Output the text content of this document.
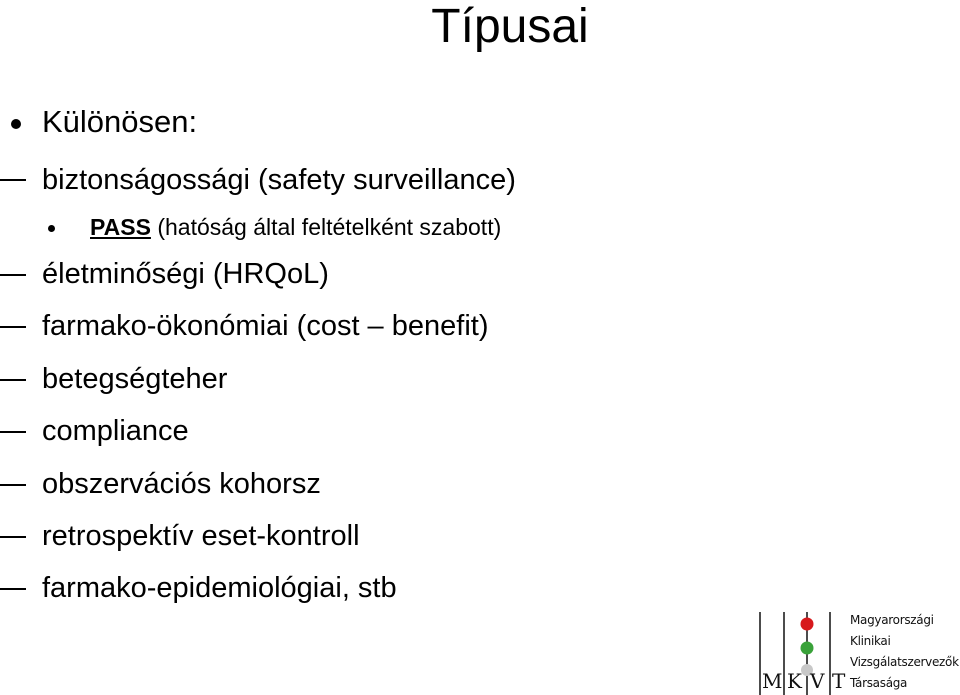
Típusai
Különösen:
biztonságossági (safety surveillance)
PASS (hatóság által feltételként szabott)
életminőségi (HRQoL)
farmako-ökonómiai (cost – benefit)
betegségteher
compliance
obszervációs kohorsz
retrospektív eset-kontroll
farmako-epidemiológiai, stb
M K V T
Magyarországi
Klinikai
Vizsgálatszervezők
Társasága
